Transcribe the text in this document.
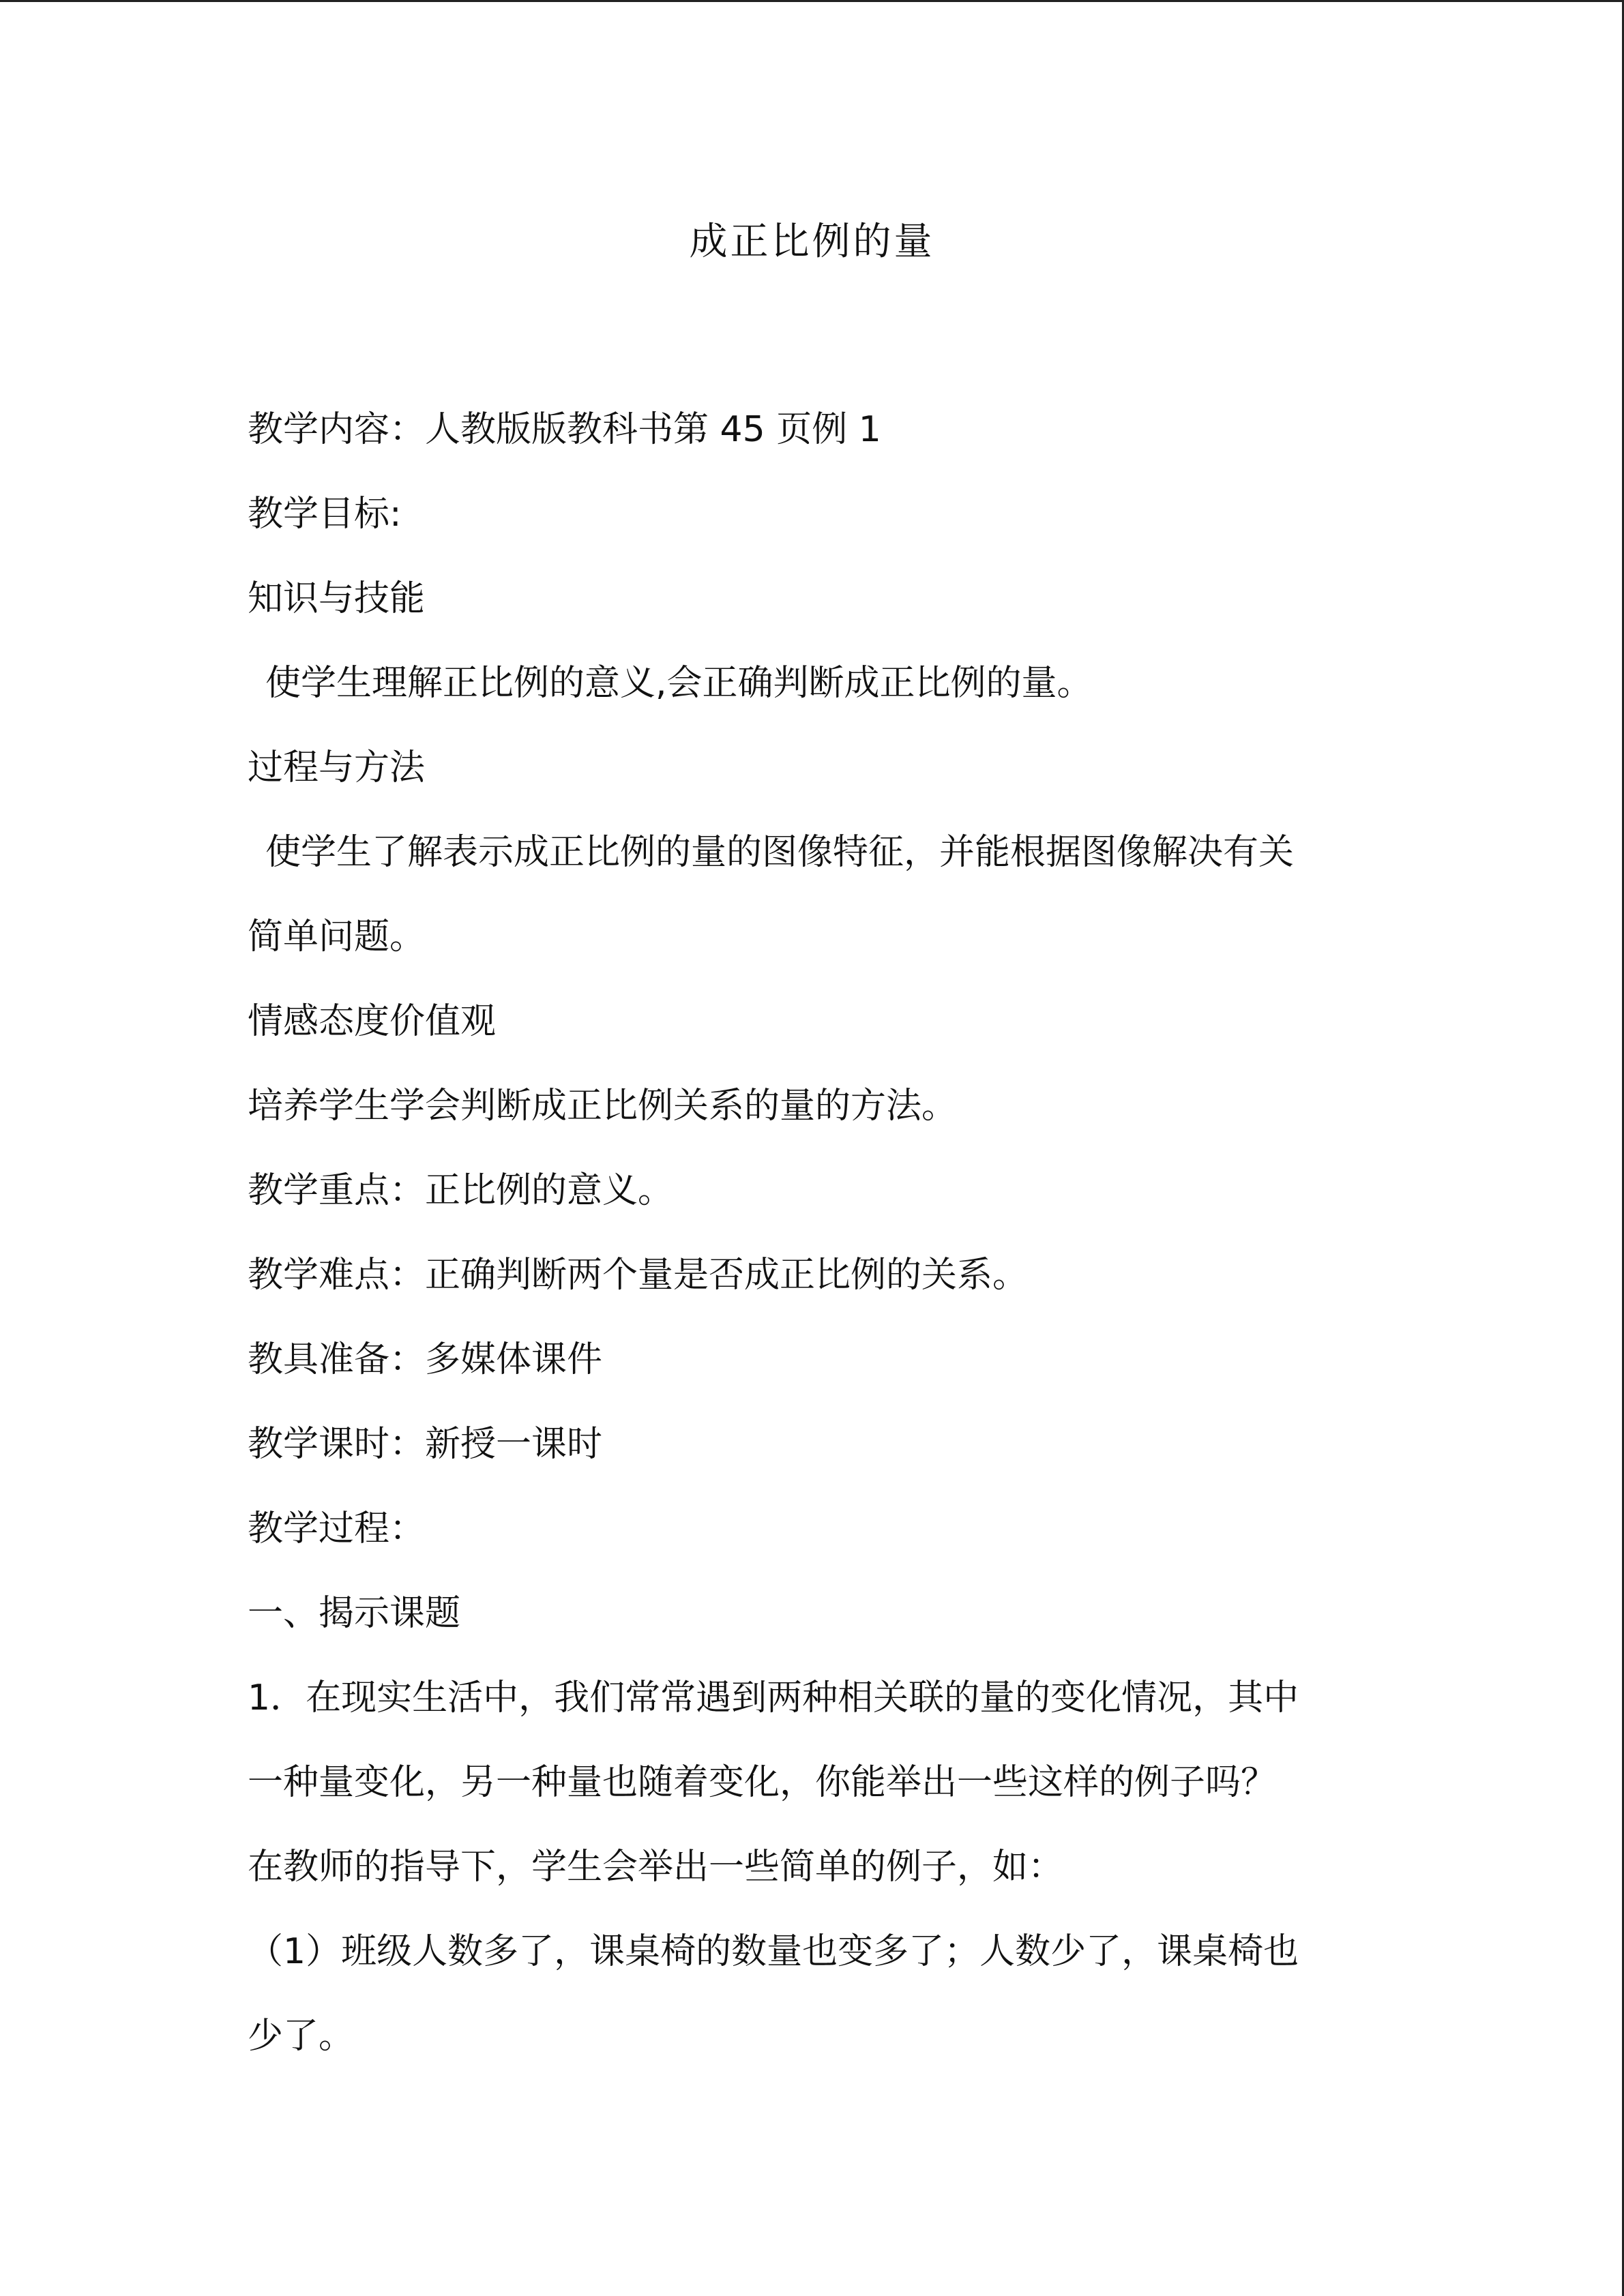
成正比例的量
教学内容：人教版版教科书第 45 页例 1
教学目标:
知识与技能
使学生理解正比例的意义,会正确判断成正比例的量。
过程与方法
使学生了解表示成正比例的量的图像特征，并能根据图像解决有关
简单问题。
情感态度价值观
培养学生学会判断成正比例关系的量的方法。
教学重点：正比例的意义。
教学难点：正确判断两个量是否成正比例的关系。
教具准备：多媒体课件
教学课时：新授一课时
教学过程：
一、揭示课题
1．在现实生活中，我们常常遇到两种相关联的量的变化情况，其中
一种量变化，另一种量也随着变化，你能举出一些这样的例子吗？
在教师的指导下，学生会举出一些简单的例子，如：
（1）班级人数多了，课桌椅的数量也变多了；人数少了，课桌椅也
少了。
